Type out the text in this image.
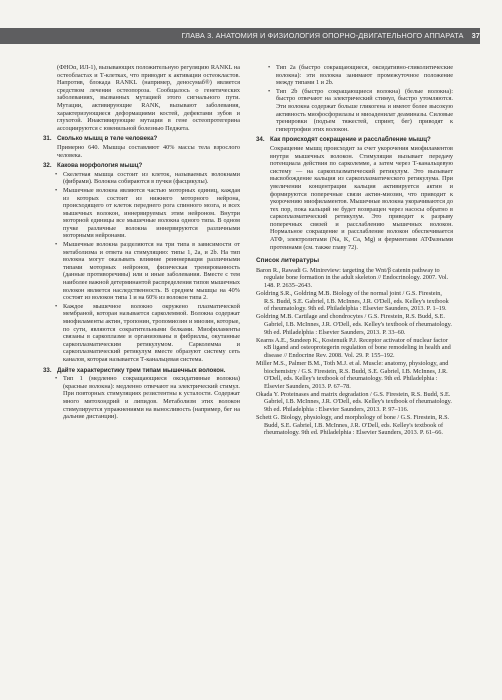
ГЛАВА 3. АНАТОМИЯ И ФИЗИОЛОГИЯ ОПОРНО-ДВИГАТЕЛЬНОГО АППАРАТА 37

(ФНОα, ИЛ-1), вызывающих положительную регуляцию RANKL на остеобластах и Т-клетках, что приводит к активации остеокластов. Напротив, блокада RANKL (например, деносумаб®) является средством лечения остеопороза. Сообщалось о генетических заболеваниях, вызванных мутацией этого сигнального пути. Мутации, активирующие RANK, вызывают заболевания, характеризующиеся деформациями костей, дефектами зубов и глухотой. Инактивирующие мутации в гене остеопротегерина ассоциируются с ювенильной болезнью Педжета.

31. Сколько мышц в теле человека?

Примерно 640. Мышцы составляют 40% массы тела взрослого человека.

32. Какова морфология мышц?

• Скелетная мышца состоит из клеток, называемых волокнами (фибрами). Волокна собираются в пучки (фасцикулы).

• Мышечные волокна являются частью моторных единиц, каждая из которых состоит из нижнего моторного нейрона, происходящего от клеток переднего рога спинного мозга, и всех мышечных волокон, иннервируемых этим нейроном. Внутри моторной единицы все мышечные волокна одного типа. В одном пучке различные волокна иннервируются различными моторными нейронами.

• Мышечные волокна разделяются на три типа в зависимости от метаболизма и ответа на стимуляцию: типы 1, 2а, и 2b. На тип волокна могут оказывать влияние реиннервация различными типами моторных нейронов, физическая тренированность (данные противоречивы) или и иные заболевания. Вместе с тем наиболее важной детерминантой распределения типов мышечных волокон является наследственность. В среднем мышцы на 40% состоят из волокон типа 1 и на 60% из волокон типа 2.

• Каждое мышечное волокно окружено плазматической мембраной, которая называется сарколеммой. Волокна содержат миофиламенты актин, тропонин, тропомиозин и миозин, которые, по сути, являются сократительными белками. Миофиламенты связаны в саркоплазме и организованы в фибриллы, окутанные саркоплазматическим ретикулумом. Сарколемма и саркоплазматический ретикулум вместе образуют систему сеть каналов, которая называется Т-канальцевая система.

33. Дайте характеристику трем типам мышечных волокон.

• Тип 1 (медленно сокращающиеся оксидативные волокна) (красные волокна): медленно отвечают на электрический стимул. При повторных стимуляциях резистентны к усталости. Содержат много митохондрий и липидов. Метаболизм этих волокон стимулируется упражнениями на выносливость (например, бег на дальние дистанции).

• Тип 2a (быстро сокращающиеся, оксидативно-гликолитические волокна): эти волокна занимают промежуточное положение между типами 1 и 2b.

• Тип 2b (быстро сокращающиеся волокна) (белые волокна): быстро отвечают на электрический стимул, быстро утомляются. Эти волокна содержат больше гликогена и имеют более высокую активность миофосфорилазы и миоаденилат деаминазы. Силовые тренировки (подъем тяжестей, спринт, бег) приводят к гипертрофии этих волокон.

34. Как происходят сокращение и расслабление мышц?

Сокращение мышц происходит за счет укорочения миофиламентов внутри мышечных волокон. Стимуляция вызывает передачу потенциала действия по сарколемме, а затем через Т-канальцевую систему — на саркоплазматический ретикулум. Это вызывает высвобождение кальция из саркоплазматического ретикулума. При увеличении концентрации кальция активируется актин и формируются поперечные связи актин-миозин, что приводит к укорочению миофиламентов. Мышечные волокна укорачиваются до тех пор, пока кальций не будет возвращен через насосы обратно в саркоплазматический ретикулум. Это приводит к разрыву поперечных связей и расслаблению мышечных волокон. Нормальное сокращение и расслабление волокон обеспечивается АТФ, электролитами (Na, K, Ca, Mg) и ферментами АТФазными протеинами (см. также главу 72).

Список литературы

Baron R., Rawadi G. Minireview: targeting the Wnt/β catenin pathway to regulate bone formation in the adult skeleton // Endocrinology. 2007. Vol. 148. P. 2635–2643.

Goldring S.R., Goldring M.B. Biology of the normal joint / G.S. Firestein, R.S. Budd, S.E. Gabriel, I.B. McInnes, J.R. O'Dell, eds. Kelley's textbook of rheumatology. 9th ed. Philadelphia : Elsevier Saunders, 2013. P. 1–19.

Goldring M.B. Cartilage and chondrocytes / G.S. Firestein, R.S. Budd, S.E. Gabriel, I.B. McInnes, J.R. O'Dell, eds. Kelley's textbook of rheumatology. 9th ed. Philadelphia : Elsevier Saunders, 2013. P. 33–60.

Kearns A.E., Sundeep K., Kostenuik P.J. Receptor activator of nuclear factor κB ligand and osteoprotegerin regulation of bone remodeling in health and disease // Endocrine Rev. 2008. Vol. 29. P. 155–192.

Miller M.S., Palmer B.M., Toth M.J. et al. Muscle: anatomy, physiology, and biochemistry / G.S. Firestein, R.S. Budd, S.E. Gabriel, I.B. McInnes, J.R. O'Dell, eds. Kelley's textbook of rheumatology. 9th ed. Philadelphia : Elsevier Saunders, 2013. P. 67–78.

Okada Y. Proteinases and matrix degradation / G.S. Firestein, R.S. Budd, S.E. Gabriel, I.B. McInnes, J.R. O'Dell, eds. Kelley's textbook of rheumatology. 9th ed. Philadelphia : Elsevier Saunders, 2013. P. 97–116.

Schett G. Biology, physiology, and morphology of bone / G.S. Firestein, R.S. Budd, S.E. Gabriel, I.B. McInnes, J.R. O'Dell, eds. Kelley's textbook of rheumatology. 9th ed. Philadelphia : Elsevier Saunders, 2013. P. 61–66.
